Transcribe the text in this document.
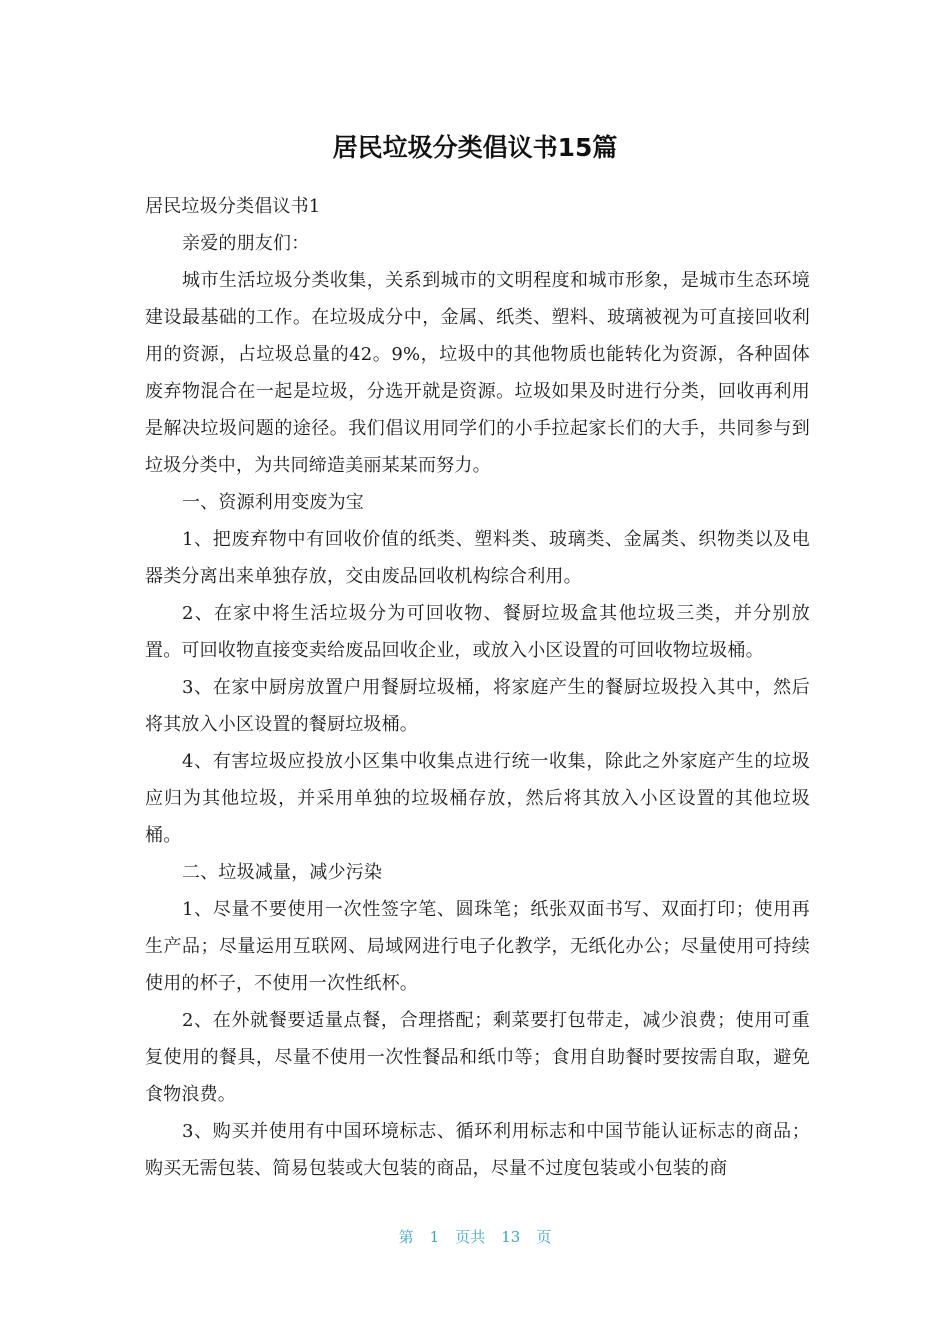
居民垃圾分类倡议书15篇

居民垃圾分类倡议书1

亲爱的朋友们：

城市生活垃圾分类收集，关系到城市的文明程度和城市形象，是城市生态环境建设最基础的工作。在垃圾成分中，金属、纸类、塑料、玻璃被视为可直接回收利用的资源，占垃圾总量的42。9%，垃圾中的其他物质也能转化为资源，各种固体废弃物混合在一起是垃圾，分选开就是资源。垃圾如果及时进行分类，回收再利用是解决垃圾问题的途径。我们倡议用同学们的小手拉起家长们的大手，共同参与到垃圾分类中，为共同缔造美丽某某而努力。

一、资源利用变废为宝

1、把废弃物中有回收价值的纸类、塑料类、玻璃类、金属类、织物类以及电器类分离出来单独存放，交由废品回收机构综合利用。

2、在家中将生活垃圾分为可回收物、餐厨垃圾盒其他垃圾三类，并分别放置。可回收物直接变卖给废品回收企业，或放入小区设置的可回收物垃圾桶。

3、在家中厨房放置户用餐厨垃圾桶，将家庭产生的餐厨垃圾投入其中，然后将其放入小区设置的餐厨垃圾桶。

4、有害垃圾应投放小区集中收集点进行统一收集，除此之外家庭产生的垃圾应归为其他垃圾，并采用单独的垃圾桶存放，然后将其放入小区设置的其他垃圾桶。

二、垃圾减量，减少污染

1、尽量不要使用一次性签字笔、圆珠笔；纸张双面书写、双面打印；使用再生产品；尽量运用互联网、局域网进行电子化教学，无纸化办公；尽量使用可持续使用的杯子，不使用一次性纸杯。

2、在外就餐要适量点餐，合理搭配；剩菜要打包带走，减少浪费；使用可重复使用的餐具，尽量不使用一次性餐品和纸巾等；食用自助餐时要按需自取，避免食物浪费。

3、购买并使用有中国环境标志、循环利用标志和中国节能认证标志的商品；购买无需包装、简易包装或大包装的商品，尽量不过度包装或小包装的商

第 1 页共 13 页
